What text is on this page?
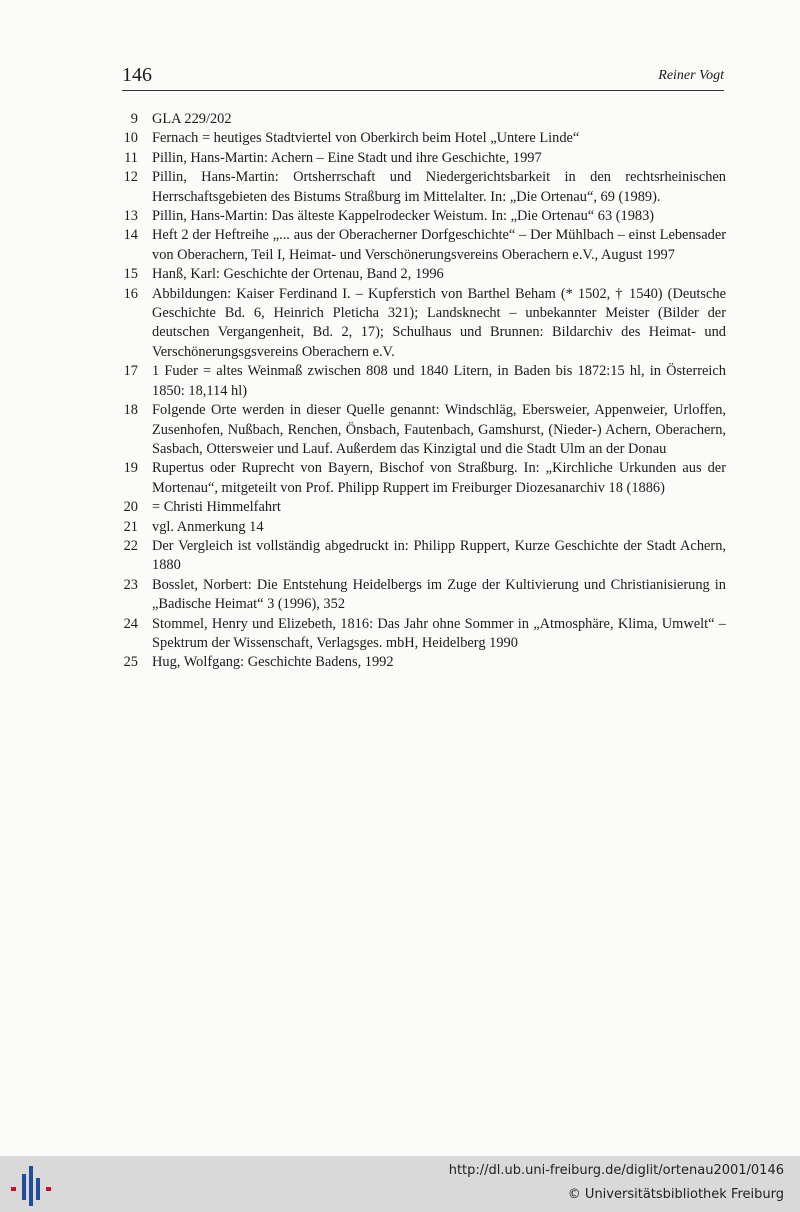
146	Reiner Vogt
9 GLA 229/202
10 Fernach = heutiges Stadtviertel von Oberkirch beim Hotel „Untere Linde“
11 Pillin, Hans-Martin: Achern – Eine Stadt und ihre Geschichte, 1997
12 Pillin, Hans-Martin: Ortsherrschaft und Niedergerichtsbarkeit in den rechtsrheinischen Herrschaftsgebieten des Bistums Straßburg im Mittelalter. In: „Die Ortenau“, 69 (1989).
13 Pillin, Hans-Martin: Das älteste Kappelrodecker Weistum. In: „Die Ortenau“ 63 (1983)
14 Heft 2 der Heftreihe „... aus der Oberacherner Dorfgeschichte“ – Der Mühlbach – einst Lebensader von Oberachern, Teil I, Heimat- und Verschönerungsvereins Oberachern e.V., August 1997
15 Hanß, Karl: Geschichte der Ortenau, Band 2, 1996
16 Abbildungen: Kaiser Ferdinand I. – Kupferstich von Barthel Beham (* 1502, † 1540) (Deutsche Geschichte Bd. 6, Heinrich Pleticha 321); Landsknecht – unbekannter Meister (Bilder der deutschen Vergangenheit, Bd. 2, 17); Schulhaus und Brunnen: Bildarchiv des Heimat- und Verschönerungsgsvereins Oberachern e.V.
17 1 Fuder = altes Weinmaß zwischen 808 und 1840 Litern, in Baden bis 1872:15 hl, in Österreich 1850: 18,114 hl)
18 Folgende Orte werden in dieser Quelle genannt: Windschläg, Ebersweier, Appenweier, Urloffen, Zusenhofen, Nußbach, Renchen, Önsbach, Fautenbach, Gamshurst, (Nieder-) Achern, Oberachern, Sasbach, Ottersweier und Lauf. Außerdem das Kinzigtal und die Stadt Ulm an der Donau
19 Rupertus oder Ruprecht von Bayern, Bischof von Straßburg. In: „Kirchliche Urkunden aus der Mortenau“, mitgeteilt von Prof. Philipp Ruppert im Freiburger Diozesanarchiv 18 (1886)
20 = Christi Himmelfahrt
21 vgl. Anmerkung 14
22 Der Vergleich ist vollständig abgedruckt in: Philipp Ruppert, Kurze Geschichte der Stadt Achern, 1880
23 Bosslet, Norbert: Die Entstehung Heidelbergs im Zuge der Kultivierung und Christianisierung in „Badische Heimat“ 3 (1996), 352
24 Stommel, Henry und Elizebeth, 1816: Das Jahr ohne Sommer in „Atmosphäre, Klima, Umwelt“ – Spektrum der Wissenschaft, Verlagsges. mbH, Heidelberg 1990
25 Hug, Wolfgang: Geschichte Badens, 1992
http://dl.ub.uni-freiburg.de/diglit/ortenau2001/0146
© Universitätsbibliothek Freiburg
